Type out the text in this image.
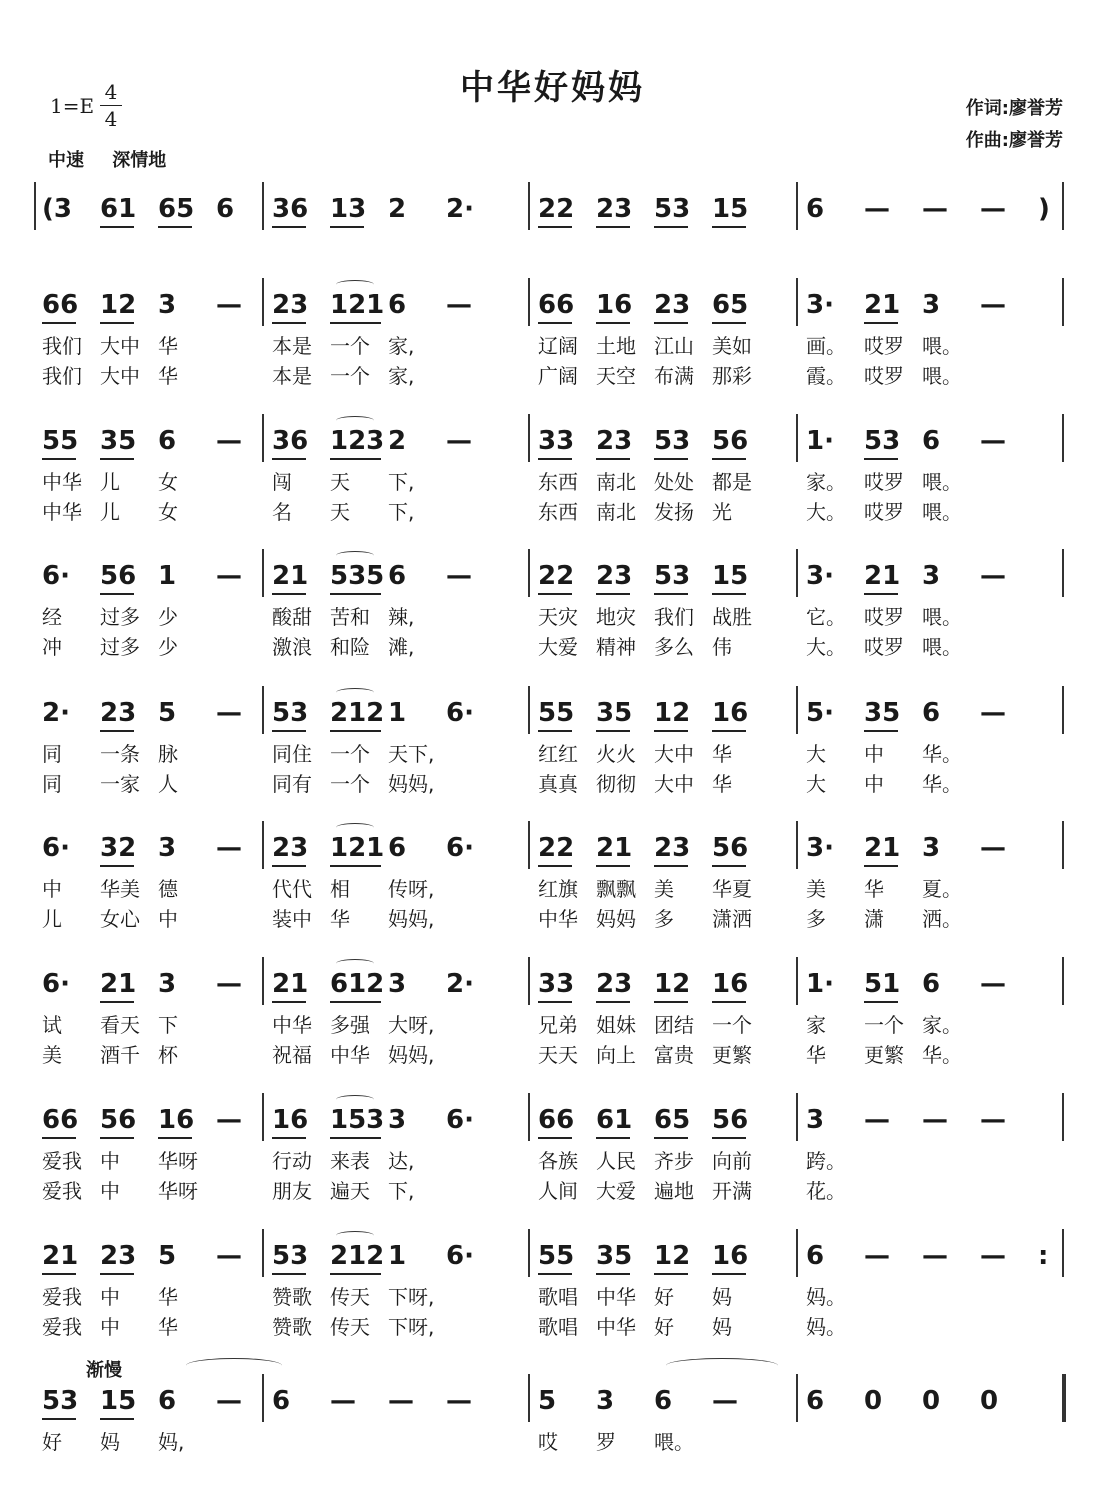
中华好妈妈
1=E
4
4
中速 深情地
作词:廖誉芳
作曲:廖誉芳
渐慢
(3 61 65 6 36 13 2 2· 22 23 53 15 6 — — — )
66 12 3 — 23 121 6 —	66 16 23 65 3· 21 3 —
我们 大中 华	本是 一个 家,	辽阔 土地 江山 美如	画。 哎罗 喂。
我们 大中 华	本是 一个 家,	广阔 天空 布满 那彩	霞。 哎罗 喂。
55 35 6 — 36 123 2 —	33 23 53 56 1· 53 6 —
中华 儿 女	闯 天 下,	东西 南北 处处 都是	家。 哎罗 喂。
中华 儿 女	名 天 下,	东西 南北 发扬 光	大。 哎罗 喂。
6· 56 1 — 21 535 6 —	22 23 53 15 3· 21 3 —
经 过多 少	酸甜 苦和 辣,	天灾 地灾 我们 战胜	它。 哎罗 喂。
冲 过多 少	激浪 和险 滩,	大爱 精神 多么 伟	大。 哎罗 喂。
2· 23 5 — 53 212 1 6· 55 35 12 16 5· 35 6 —
同 一条 脉	同住 一个 天下,	红红 火火 大中 华	大 中 华。
同 一家 人	同有 一个 妈妈,	真真 彻彻 大中 华	大 中 华。
6· 32 3 — 23 121 6 6· 22 21 23 56 3· 21 3 —
中 华美 德	代代 相 传呀,	红旗 飘飘 美 华夏	美 华 夏。
儿 女心 中	装中 华 妈妈,	中华 妈妈 多 潇洒	多 潇 洒。
6· 21 3 — 21 612 3 2· 33 23 12 16 1· 51 6 —
试 看天 下	中华 多强 大呀,	兄弟 姐妹 团结 一个	家 一个 家。
美 酒千 杯	祝福 中华 妈妈,	天天 向上 富贵 更繁	华 更繁 华。
66 56 16 — 16 153 3 6· 66 61 65 56 3 — — —
爱我 中 华呀	行动 来表 达,	各族 人民 齐步 向前	跨。
爱我 中 华呀	朋友 遍天 下,	人间 大爱 遍地 开满	花。
21 23 5 — 53 212 1 6· 55 35 12 16 6 — — — :
爱我 中 华	赞歌 传天 下呀,	歌唱 中华 好 妈	妈。
爱我 中 华	赞歌 传天 下呀,	歌唱 中华 好 妈	妈。
53 15 6 — 6 — — —	5 3 6 —	6 0 0 0
好 妈 妈,	哎 罗 喂。
